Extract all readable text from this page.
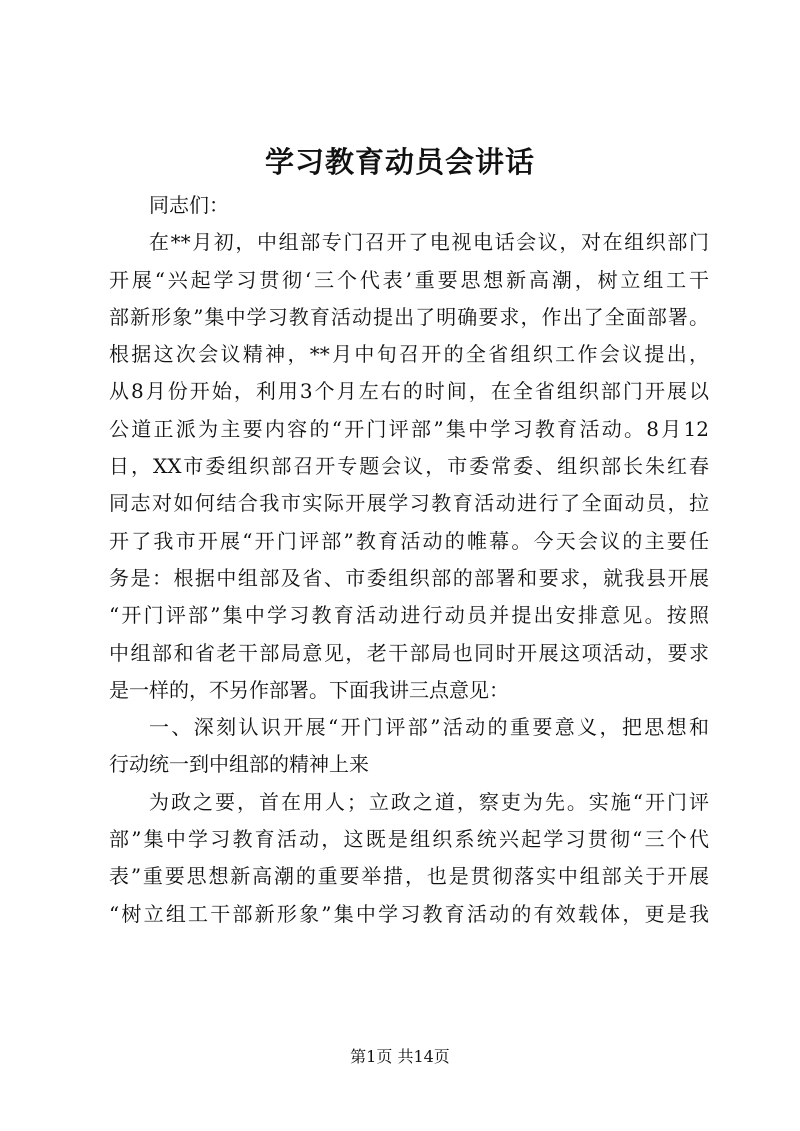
学习教育动员会讲话
同志们：
在**月初，中组部专门召开了电视电话会议，对在组织部门
开展“兴起学习贯彻‘三个代表’重要思想新高潮，树立组工干
部新形象”集中学习教育活动提出了明确要求，作出了全面部署。
根据这次会议精神，**月中旬召开的全省组织工作会议提出，
从8月份开始，利用3个月左右的时间，在全省组织部门开展以
公道正派为主要内容的“开门评部”集中学习教育活动。8月12
日，XX市委组织部召开专题会议，市委常委、组织部长朱红春
同志对如何结合我市实际开展学习教育活动进行了全面动员，拉
开了我市开展“开门评部”教育活动的帷幕。今天会议的主要任
务是：根据中组部及省、市委组织部的部署和要求，就我县开展
“开门评部”集中学习教育活动进行动员并提出安排意见。按照
中组部和省老干部局意见，老干部局也同时开展这项活动，要求
是一样的，不另作部署。下面我讲三点意见：
一、深刻认识开展“开门评部”活动的重要意义，把思想和
行动统一到中组部的精神上来
为政之要，首在用人；立政之道，察吏为先。实施“开门评
部”集中学习教育活动，这既是组织系统兴起学习贯彻“三个代
表”重要思想新高潮的重要举措，也是贯彻落实中组部关于开展
“树立组工干部新形象”集中学习教育活动的有效载体，更是我
第1页 共14页
